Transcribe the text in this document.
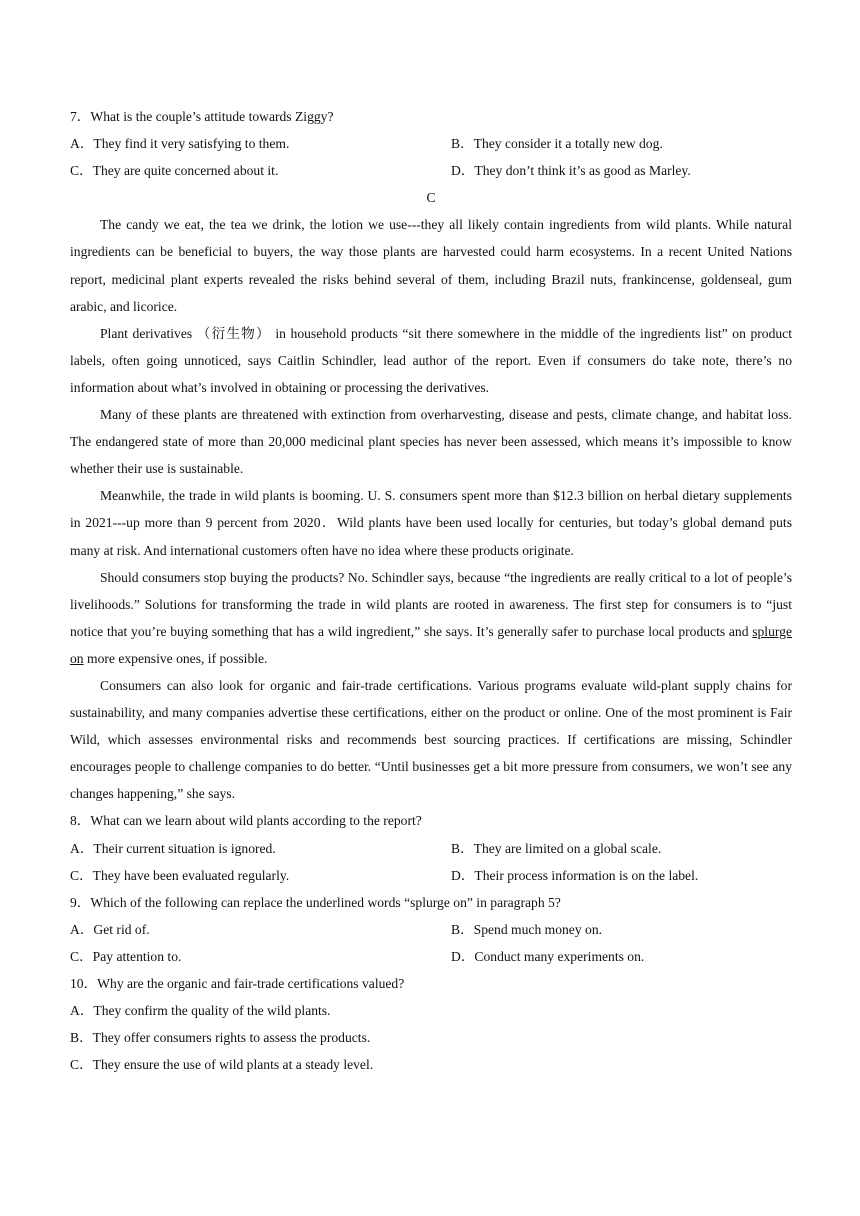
7．What is the couple’s attitude towards Ziggy?
A．They find it very satisfying to them.	B．They consider it a totally new dog.
C．They are quite concerned about it.	D．They don’t think it’s as good as Marley.
C

The candy we eat, the tea we drink, the lotion we use---they all likely contain ingredients from wild plants. While natural ingredients can be beneficial to buyers, the way those plants are harvested could harm ecosystems. In a recent United Nations report, medicinal plant experts revealed the risks behind several of them, including Brazil nuts, frankincense, goldenseal, gum arabic, and licorice.

Plant derivatives （衍生物） in household products “sit there somewhere in the middle of the ingredients list” on product labels, often going unnoticed, says Caitlin Schindler, lead author of the report. Even if consumers do take note, there’s no information about what’s involved in obtaining or processing the derivatives.

Many of these plants are threatened with extinction from overharvesting, disease and pests, climate change, and habitat loss. The endangered state of more than 20,000 medicinal plant species has never been assessed, which means it’s impossible to know whether their use is sustainable.

Meanwhile, the trade in wild plants is booming. U. S. consumers spent more than $12.3 billion on herbal dietary supplements in 2021---up more than 9 percent from 2020．Wild plants have been used locally for centuries, but today’s global demand puts many at risk. And international customers often have no idea where these products originate.

Should consumers stop buying the products? No. Schindler says, because “the ingredients are really critical to a lot of people’s livelihoods.” Solutions for transforming the trade in wild plants are rooted in awareness. The first step for consumers is to “just notice that you’re buying something that has a wild ingredient,” she says. It’s generally safer to purchase local products and splurge on more expensive ones, if possible.

Consumers can also look for organic and fair-trade certifications. Various programs evaluate wild-plant supply chains for sustainability, and many companies advertise these certifications, either on the product or online. One of the most prominent is Fair Wild, which assesses environmental risks and recommends best sourcing practices. If certifications are missing, Schindler encourages people to challenge companies to do better. “Until businesses get a bit more pressure from consumers, we won’t see any changes happening,” she says.

8．What can we learn about wild plants according to the report?
A．Their current situation is ignored.	B．They are limited on a global scale.
C．They have been evaluated regularly.	D．Their process information is on the label.
9．Which of the following can replace the underlined words “splurge on” in paragraph 5?
A．Get rid of.	B．Spend much money on.
C．Pay attention to.	D．Conduct many experiments on.
10．Why are the organic and fair-trade certifications valued?
A．They confirm the quality of the wild plants.
B．They offer consumers rights to assess the products.
C．They ensure the use of wild plants at a steady level.
